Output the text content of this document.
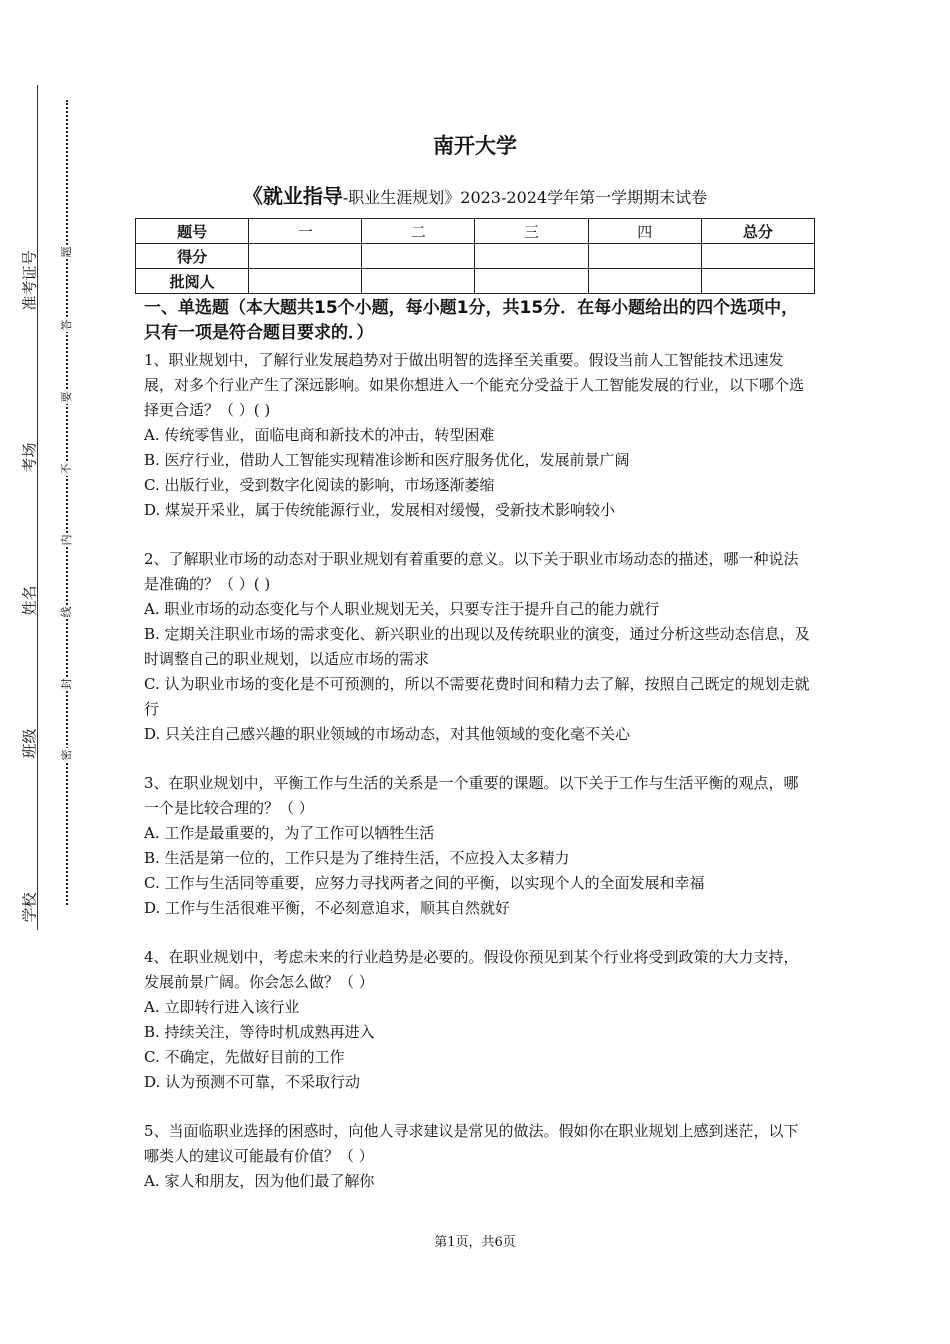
准考证号
考场
姓名
班级
学校
题
答
要
不
内
线
封
密
南开大学
《就业指导-职业生涯规划》2023-2024学年第一学期期末试卷
题号	一	二	三	四	总分
得分					
批阅人					
一、单选题（本大题共15个小题，每小题1分，共15分．在每小题给出的四个选项中，只有一项是符合题目要求的．）

1、职业规划中，了解行业发展趋势对于做出明智的选择至关重要。假设当前人工智能技术迅速发展，对多个行业产生了深远影响。如果你想进入一个能充分受益于人工智能发展的行业，以下哪个选择更合适？（ ）( )

A. 传统零售业，面临电商和新技术的冲击，转型困难

B. 医疗行业，借助人工智能实现精准诊断和医疗服务优化，发展前景广阔

C. 出版行业，受到数字化阅读的影响，市场逐渐萎缩

D. 煤炭开采业，属于传统能源行业，发展相对缓慢，受新技术影响较小

2、了解职业市场的动态对于职业规划有着重要的意义。以下关于职业市场动态的描述，哪一种说法是准确的？（ ）( )

A. 职业市场的动态变化与个人职业规划无关，只要专注于提升自己的能力就行

B. 定期关注职业市场的需求变化、新兴职业的出现以及传统职业的演变，通过分析这些动态信息，及时调整自己的职业规划，以适应市场的需求

C. 认为职业市场的变化是不可预测的，所以不需要花费时间和精力去了解，按照自己既定的规划走就行

D. 只关注自己感兴趣的职业领域的市场动态，对其他领域的变化毫不关心

3、在职业规划中，平衡工作与生活的关系是一个重要的课题。以下关于工作与生活平衡的观点，哪一个是比较合理的？（ ）

A. 工作是最重要的，为了工作可以牺牲生活

B. 生活是第一位的，工作只是为了维持生活，不应投入太多精力

C. 工作与生活同等重要，应努力寻找两者之间的平衡，以实现个人的全面发展和幸福

D. 工作与生活很难平衡，不必刻意追求，顺其自然就好

4、在职业规划中，考虑未来的行业趋势是必要的。假设你预见到某个行业将受到政策的大力支持，发展前景广阔。你会怎么做？（ ）

A. 立即转行进入该行业

B. 持续关注，等待时机成熟再进入

C. 不确定，先做好目前的工作

D. 认为预测不可靠，不采取行动

5、当面临职业选择的困惑时，向他人寻求建议是常见的做法。假如你在职业规划上感到迷茫，以下哪类人的建议可能最有价值？（ ）

A. 家人和朋友，因为他们最了解你

第1页，共6页
